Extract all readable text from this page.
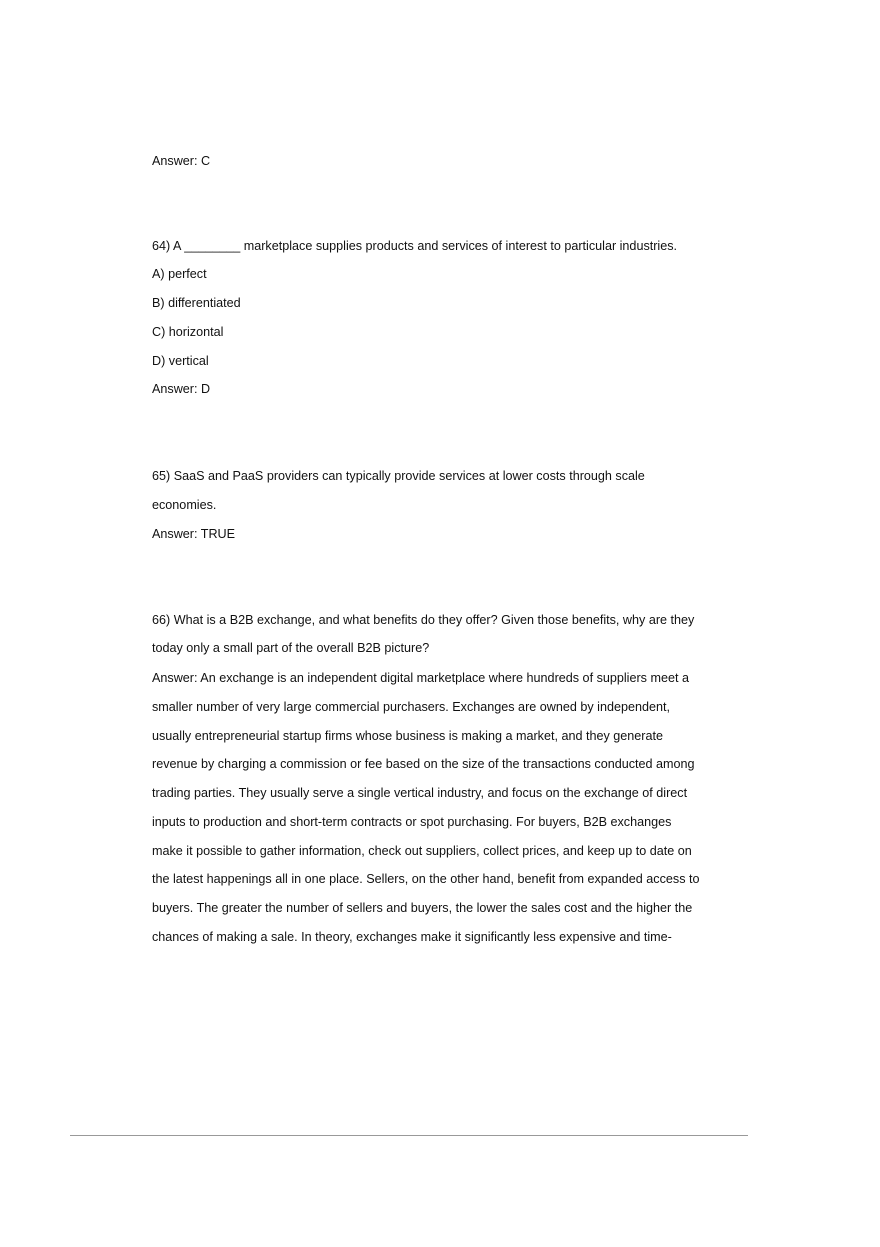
Answer: C
64) A ________ marketplace supplies products and services of interest to particular industries.
A) perfect
B) differentiated
C) horizontal
D) vertical
Answer: D
65) SaaS and PaaS providers can typically provide services at lower costs through scale
economies.
Answer: TRUE
66) What is a B2B exchange, and what benefits do they offer? Given those benefits, why are they
today only a small part of the overall B2B picture?
Answer: An exchange is an independent digital marketplace where hundreds of suppliers meet a
smaller number of very large commercial purchasers. Exchanges are owned by independent,
usually entrepreneurial startup firms whose business is making a market, and they generate
revenue by charging a commission or fee based on the size of the transactions conducted among
trading parties. They usually serve a single vertical industry, and focus on the exchange of direct
inputs to production and short-term contracts or spot purchasing. For buyers, B2B exchanges
make it possible to gather information, check out suppliers, collect prices, and keep up to date on
the latest happenings all in one place. Sellers, on the other hand, benefit from expanded access to
buyers. The greater the number of sellers and buyers, the lower the sales cost and the higher the
chances of making a sale. In theory, exchanges make it significantly less expensive and time-
